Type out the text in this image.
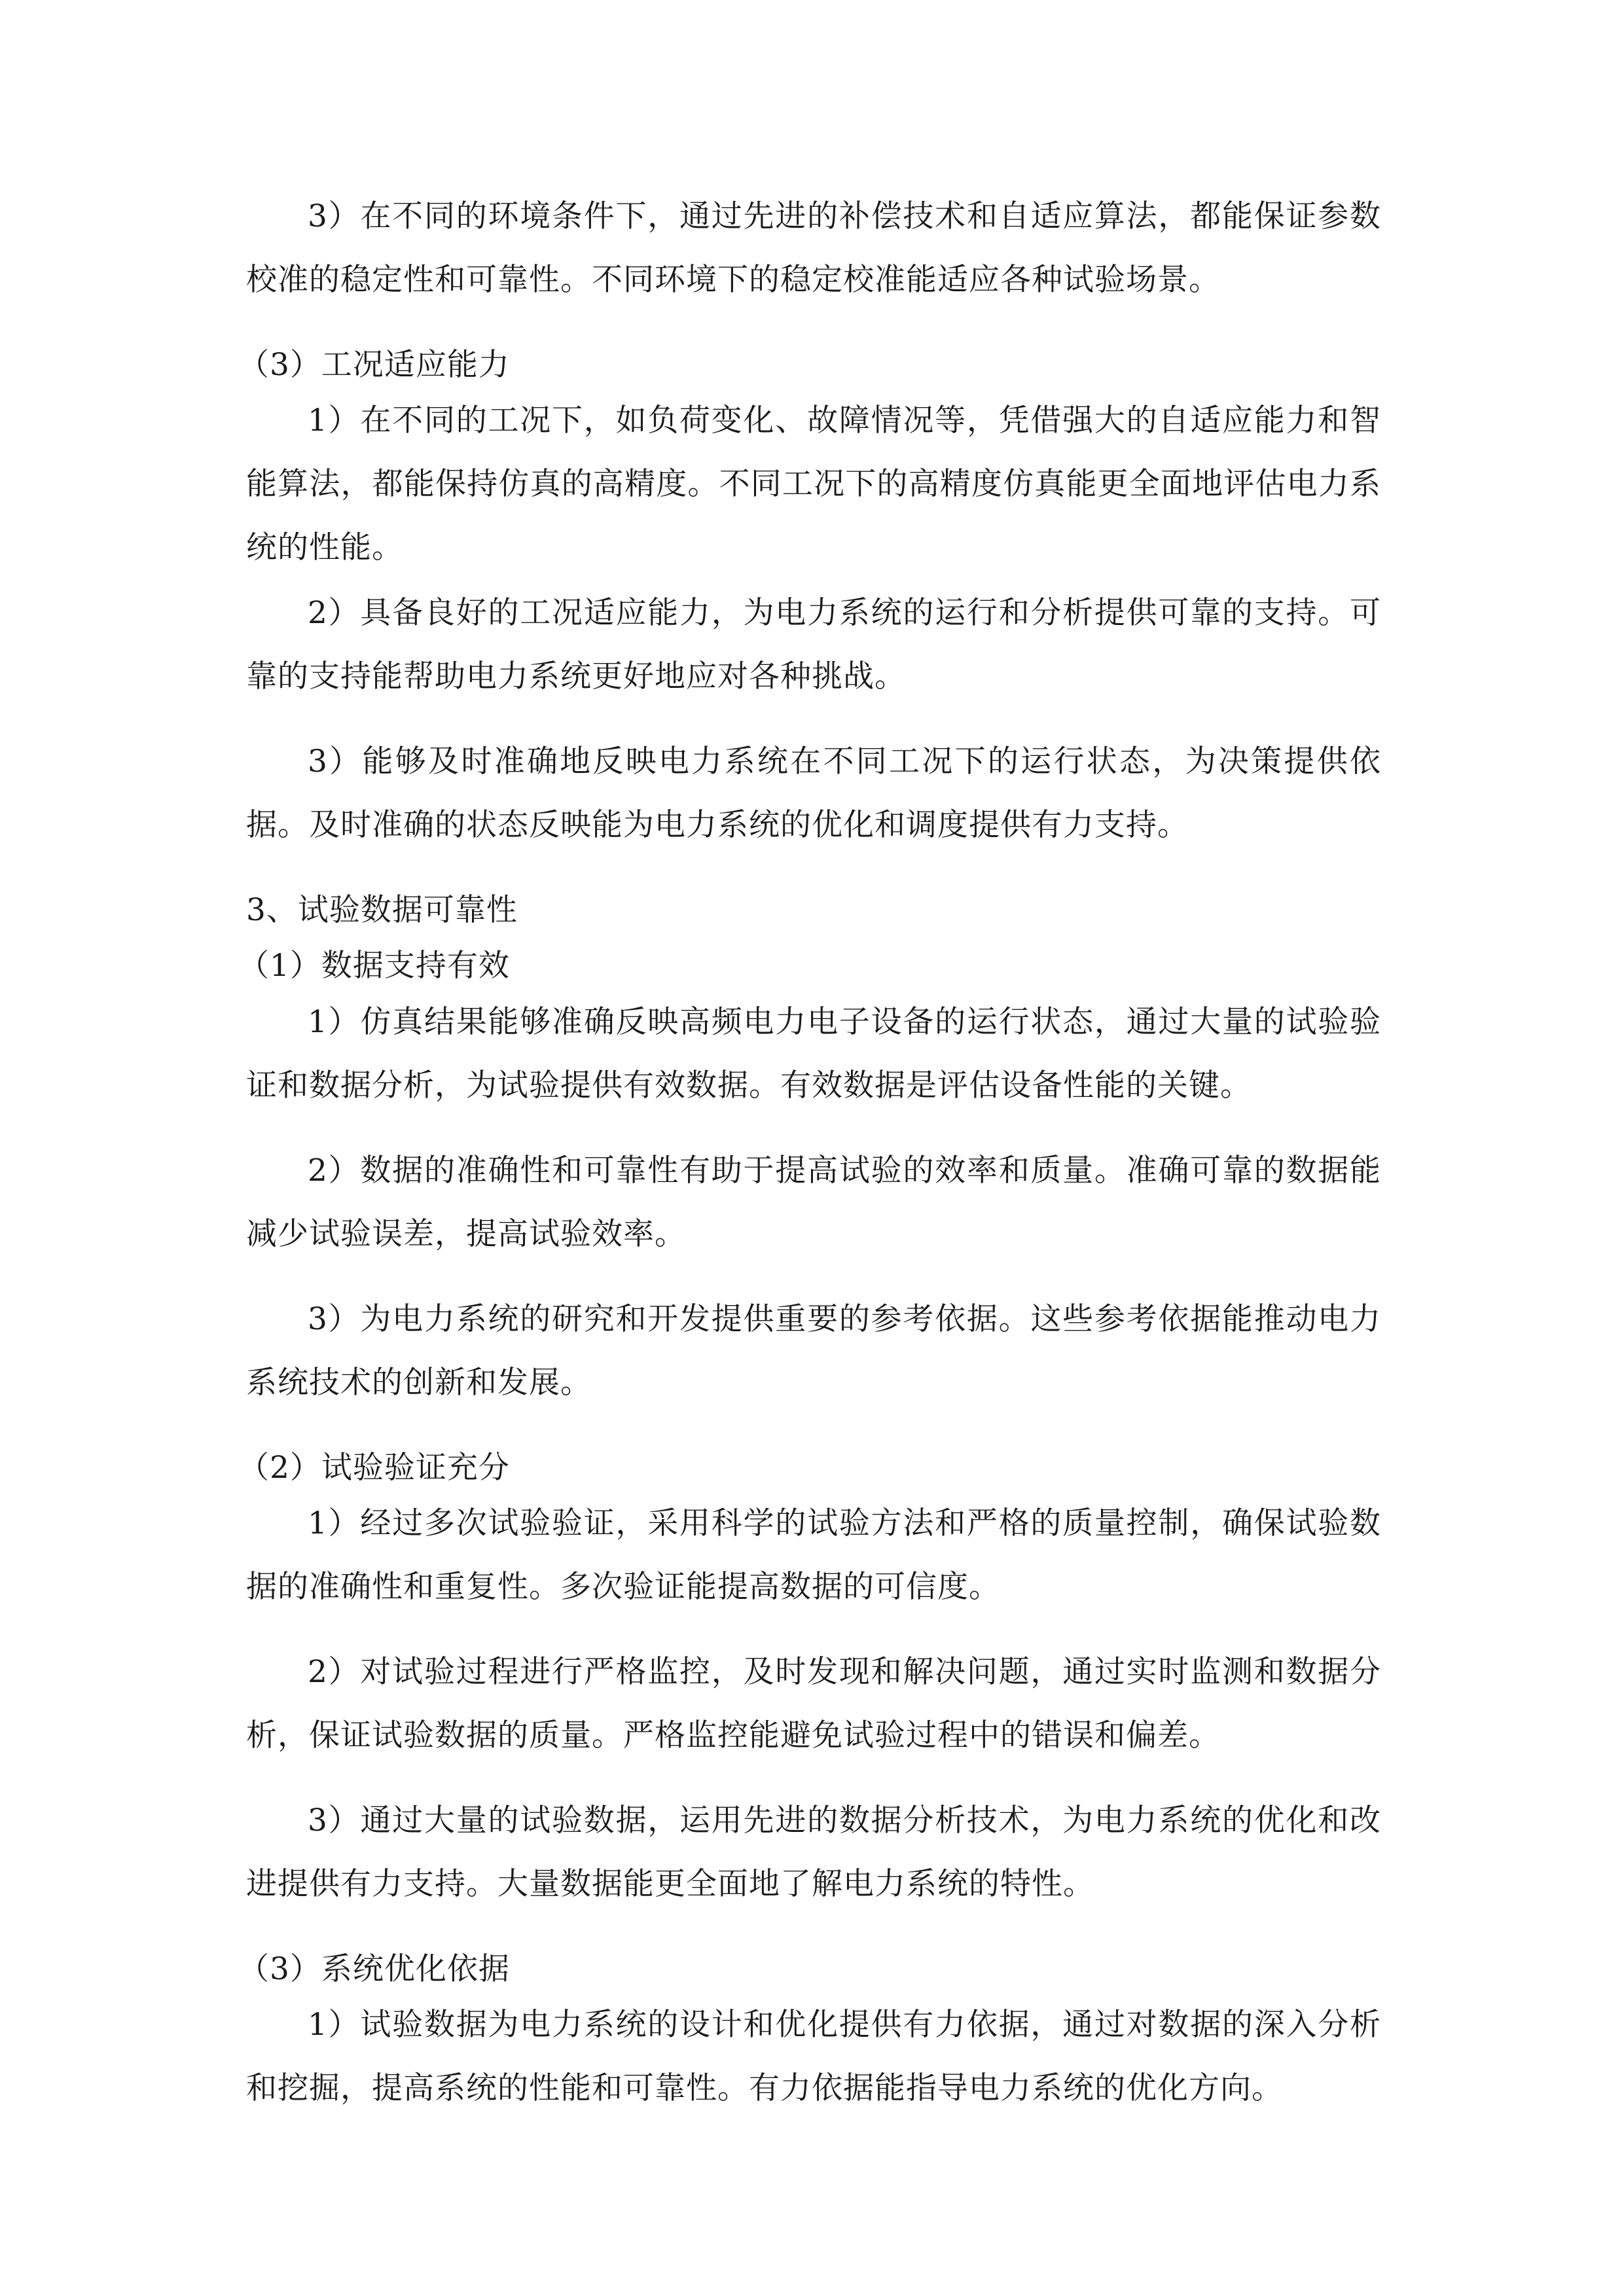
3）在不同的环境条件下，通过先进的补偿技术和自适应算法，都能保证参数校准的稳定性和可靠性。不同环境下的稳定校准能适应各种试验场景。

（3）工况适应能力

1）在不同的工况下，如负荷变化、故障情况等，凭借强大的自适应能力和智能算法，都能保持仿真的高精度。不同工况下的高精度仿真能更全面地评估电力系统的性能。

2）具备良好的工况适应能力，为电力系统的运行和分析提供可靠的支持。可靠的支持能帮助电力系统更好地应对各种挑战。

3）能够及时准确地反映电力系统在不同工况下的运行状态，为决策提供依据。及时准确的状态反映能为电力系统的优化和调度提供有力支持。

3、试验数据可靠性

（1）数据支持有效

1）仿真结果能够准确反映高频电力电子设备的运行状态，通过大量的试验验证和数据分析，为试验提供有效数据。有效数据是评估设备性能的关键。

2）数据的准确性和可靠性有助于提高试验的效率和质量。准确可靠的数据能减少试验误差，提高试验效率。

3）为电力系统的研究和开发提供重要的参考依据。这些参考依据能推动电力系统技术的创新和发展。

（2）试验验证充分

1）经过多次试验验证，采用科学的试验方法和严格的质量控制，确保试验数据的准确性和重复性。多次验证能提高数据的可信度。

2）对试验过程进行严格监控，及时发现和解决问题，通过实时监测和数据分析，保证试验数据的质量。严格监控能避免试验过程中的错误和偏差。

3）通过大量的试验数据，运用先进的数据分析技术，为电力系统的优化和改进提供有力支持。大量数据能更全面地了解电力系统的特性。

（3）系统优化依据

1）试验数据为电力系统的设计和优化提供有力依据，通过对数据的深入分析和挖掘，提高系统的性能和可靠性。有力依据能指导电力系统的优化方向。
